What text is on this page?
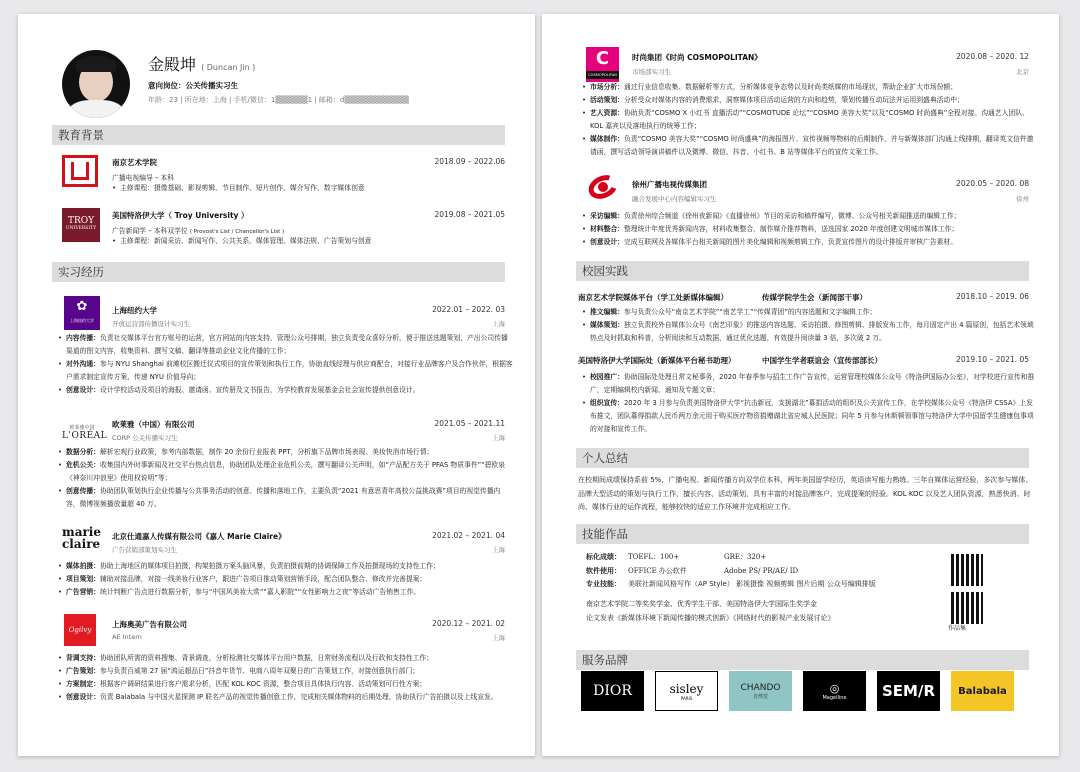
金殿坤 ( Duncan Jin )
意向岗位：公关传播实习生
年龄：23 | 所在地：上海 | 手机/微信：1▒▒▒▒▒▒1 | 邮箱：d▒▒▒▒▒▒▒▒▒▒▒▒
教育背景
南京艺术学院	2018.09 – 2022.06
广播电视编导 – 本科
• 主修课程：摄像基础、影视剪辑、节目制作、短片创作、媒介写作、数字媒体创意
TROY
UNIVERSITY
美国特洛伊大学（ Troy University ）	2019.08 – 2021.05
广告新闻学 – 本科双学位 ( Provost's List / Chancellor's List )
• 主修课程：新闻采访、新闻写作、公共关系、媒体管理、媒体法规、广告策划与创意
实习经历
✿
上海纽约大学
上海纽约大学	2022.01 – 2022. 03
开放运营部传播设计实习生	上海
• 内容传播：负责社交媒体平台官方账号的运营，官方网站的内容支持，管理公众号排期，独立负责受众喜好分析，便于推送选题策划，产出公司传播渠道的图文内容，收集资料、撰写文稿、翻译等推动企业文化传播的工作；
• 对外沟通：参与 NYU Shanghai 前滩校区搬迁仪式项目的宣传策划和执行工作，协助直线经理与供应商配合，对接行业品牌客户及合作伙伴，根据客户需求制定宣传方案，传递 NYU 价值导向；
• 创意设计：设计学校活动及项目的海报、邀请函、宣传册及文书报告，为学校教育发展基金会社会宣传提供创意设计。
欧莱雅中国
L'ORÉAL
欧莱雅（中国）有限公司	2021.05 – 2021.11
CORP 公关传播实习生	上海
• 数据分析：解析宏观行业政策，参考内部数据，制作 20 余份行业报表 PPT，分析旗下品牌市场表现、美妆快消市场行情；
• 危机公关：收集国内外时事新闻及社交平台热点信息，协助团队处理企业危机公关，撰写翻译公关声明，如“产品配方关于 PFAS 物质事件”“碧欧泉《神奈川冲浪里》使用权说明”等；
• 创意传播：协助团队策划执行企业传播与公共事务活动的创意、传播和落地工作，主要负责“2021 有意思青年高校公益挑战赛”项目的视觉传播内容，微博视频播放量超 40 万。
marie
claire
北京仕通嘉人传媒有限公司《嘉人 Marie Claire》	2021.02 – 2021. 04
广告营销部策划实习生	上海
• 媒体拍摄：协助上海地区的媒体项目拍摄，构架拍摄方案头脑风暴，负责拍摄前期的协调保障工作及拍摄现场的支持性工作；
• 项目策划：辅助对接品牌，对接一线美妆行业客户，跟进广告项目推动策划营销手段，配合团队整合、修改并完善提案；
• 广告营销：统计判断广告点进行数据分析，参与“中国风美妆大赏”“嘉人影院”“女性影响力之夜”等活动广告销售工作。
Ogilvy
上海奥美广告有限公司	2020.12 – 2021. 02
AE Intern	上海
• 背调支持：协助团队所需的资料搜集、背景调查，分析检测社交媒体平台用户数据，日常财务流程以及行政和支持性工作；
• 广告策划：参与负责百威第 27 届“鸿运超品日”抖音年货节、电商八周年双聚日的广告策划工作，对接创意执行部门；
• 方案制定：根据客户调研结果进行客户需求分析，匹配 KOL KOC 资源，整合项目具体执行内容、活动策划可行性方案；
• 创意设计：负责 Balabala 与中国火星探测 IP 联名产品的视觉传播创意工作，完成相关媒体物料的后期处理，协助执行广告拍摄以及上线宣发。
C
COSMOPOLITAN
时尚集团《时尚 COSMOPOLITAN》	2020.08 – 2020. 12
市场部实习生	北京
• 市场分析：通过行业信息收集、数据解析等方式，分析媒体竞争态势以及时尚类纸媒的市场现状，帮助企业扩大市场份额；
• 活动策划：分析受众对媒体内容的消费需求，洞察媒体项目活动运营的方向和趋势，策划传播互动玩法并运用到盛典活动中；
• 艺人资源：协助负责“COSMO X 小红书 直播活动”“COSMOTUDE 论坛”“COSMO 美容大奖”以及“COSMO 时尚盛典”全程对接、沟通艺人团队、KOL 嘉宾以及落地执行的统筹工作；
• 媒体制作：负责“COSMO 美容大奖”“COSMO 时尚盛典”的海报图片、宣传视频等物料的后期制作，并与新媒体部门沟通上线排期，翻译英文信件邀请函，撰写活动领导演讲稿件以及微博、微信、抖音、小红书、B 站等媒体平台的宣传文案工作。
徐州广播电视传媒集团	2020.05 – 2020. 08
融合发展中心内容编辑实习生	徐州
• 采访编辑：负责徐州综合频道《徐州夜新闻》《直播徐州》节目的采访和稿件编写，微博、公众号相关新闻推送的编辑工作；
• 材料整合：整理统计年度优秀新闻内容，材料收集整合，制作媒介推荐物料，送选国家 2020 年度创建文明城市媒体工作；
• 创意设计：完成互联网及各媒体平台相关新闻的图片美化编辑和视频剪辑工作，负责宣传图片的设计排版并审核广告素材。
校园实践
南京艺术学院媒体平台（学工处新媒体编辑）	传媒学院学生会（新闻部干事）	2018.10 – 2019. 06
• 推文编辑：参与负责公众号“南京艺术学院”“南艺学工”“传媒青团”的内容选题和文字编辑工作；
• 媒体策划：独立负责校外自媒体公众号《南艺印象》的推送内容选题、采访拍摄、修图剪辑、排版发布工作，每月固定产出 4 篇原创，包括艺术领域热点及时抓取和科普，分析阅读和互动数据，通过优化选题，有效提升阅读量 3 倍，多次破 2 万。
美国特洛伊大学国际处（新媒体平台秘书助理）	中国学生学者联谊会（宣传部部长）	2019.10 – 2021. 05
• 校园推广：协助国际处处理日常文秘事务，2020 年春季参与招生工作广告宣传，运营管理校媒体公众号《特洛伊国际办公室》，对学校进行宣传和推广，定期编辑校内新闻、通知及专题文章；
• 组织宣传：2020 年 3 月参与负责美国特洛伊大学“抗击新冠，支援湖北”募捐活动的组织及公关宣传工作，在学校媒体公众号《特洛伊 CSSA》上发布推文，团队募得捐款人民币两万余元用于购买医疗物资捐赠湖北省应城人民医院；同年 5 月参与休斯顿领事馆与特洛伊大学中国留学生健康包事项的对接和宣传工作。
个人总结
在校期间成绩保持系前 5%，广播电视、新闻传播方向双学位本科，两年美国留学经历，英语读写能力熟练。三年自媒体运营经验，多次参与媒体、品牌大型活动的策划与执行工作，擅长内容、活动策划，具有丰富的对接品牌客户、完成提案的经验。KOL KOC 以及艺人团队资源，熟悉快消、时尚、媒体行业的运作流程，能够较快的适应工作环境并完成相应工作。
技能作品
标化成绩： TOEFL：100+	GRE：320+
软件使用： OFFICE 办公软件	Adobe PS/ PR/AE/ ID
专业技能： 美联社新闻风格写作（AP Style） 影视摄像 视频剪辑 图片后期 公众号编辑排版
南京艺术学院二等奖奖学金、优秀学生干部、美国特洛伊大学国际生奖学金
论文发表《新媒体环境下新闻传播的模式创新》《网络时代的影视产业发展讨论》
作品集
服务品牌
DIOR	sisley
PARIS
CHANDO
自然堂
◎
Magelline SEM/R Balabala
